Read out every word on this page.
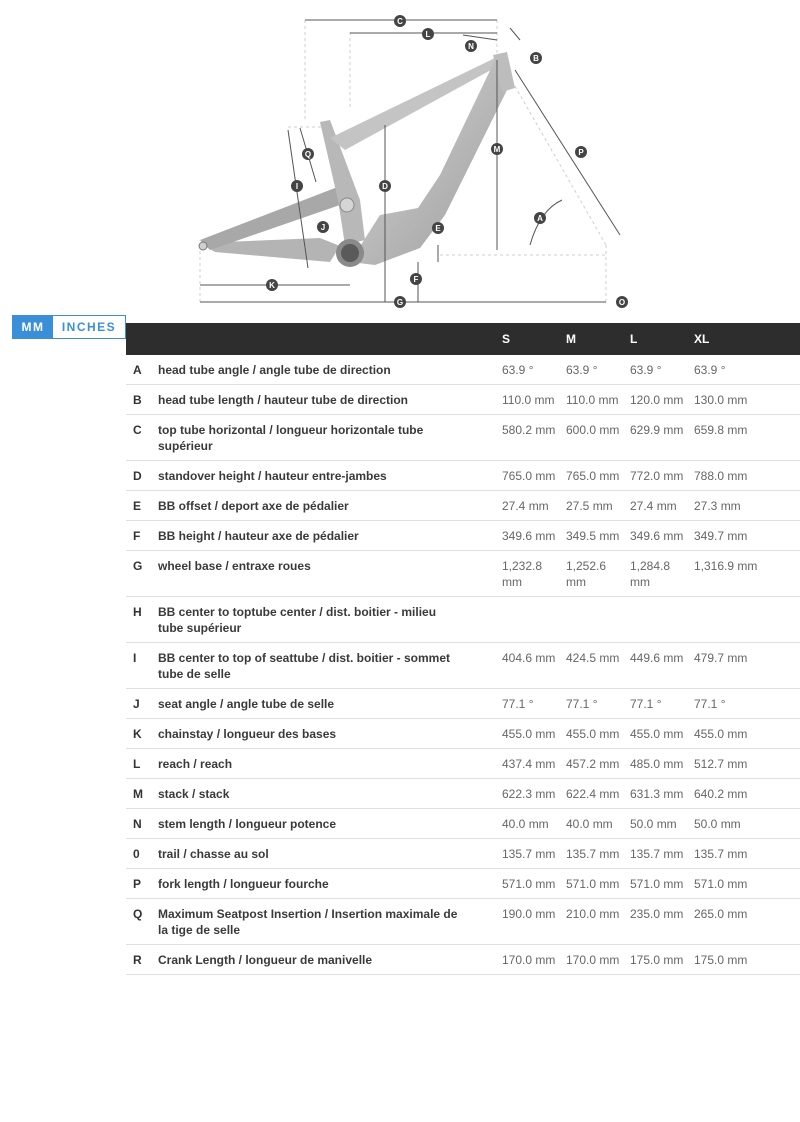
A
B
C
D
E
F
G
I
J
K
L
M
N
O
P
Q
MM	INCHES
		S	M	L	XL
A	head tube angle / angle tube de direction	63.9 °	63.9 °	63.9 °	63.9 °
B	head tube length / hauteur tube de direction	110.0 mm	110.0 mm	120.0 mm	130.0 mm
C	top tube horizontal / longueur horizontale tube supérieur	580.2 mm	600.0 mm	629.9 mm	659.8 mm
D	standover height / hauteur entre-jambes	765.0 mm	765.0 mm	772.0 mm	788.0 mm
E	BB offset / deport axe de pédalier	27.4 mm	27.5 mm	27.4 mm	27.3 mm
F	BB height / hauteur axe de pédalier	349.6 mm	349.5 mm	349.6 mm	349.7 mm
G	wheel base / entraxe roues	1,232.8 mm	1,252.6 mm	1,284.8 mm	1,316.9 mm
H	BB center to toptube center / dist. boitier - milieu tube supérieur				
I	BB center to top of seattube / dist. boitier - sommet tube de selle	404.6 mm	424.5 mm	449.6 mm	479.7 mm
J	seat angle / angle tube de selle	77.1 °	77.1 °	77.1 °	77.1 °
K	chainstay / longueur des bases	455.0 mm	455.0 mm	455.0 mm	455.0 mm
L	reach / reach	437.4 mm	457.2 mm	485.0 mm	512.7 mm
M	stack / stack	622.3 mm	622.4 mm	631.3 mm	640.2 mm
N	stem length / longueur potence	40.0 mm	40.0 mm	50.0 mm	50.0 mm
0	trail / chasse au sol	135.7 mm	135.7 mm	135.7 mm	135.7 mm
P	fork length / longueur fourche	571.0 mm	571.0 mm	571.0 mm	571.0 mm
Q	Maximum Seatpost Insertion / Insertion maximale de la tige de selle	190.0 mm	210.0 mm	235.0 mm	265.0 mm
R	Crank Length / longueur de manivelle	170.0 mm	170.0 mm	175.0 mm	175.0 mm
